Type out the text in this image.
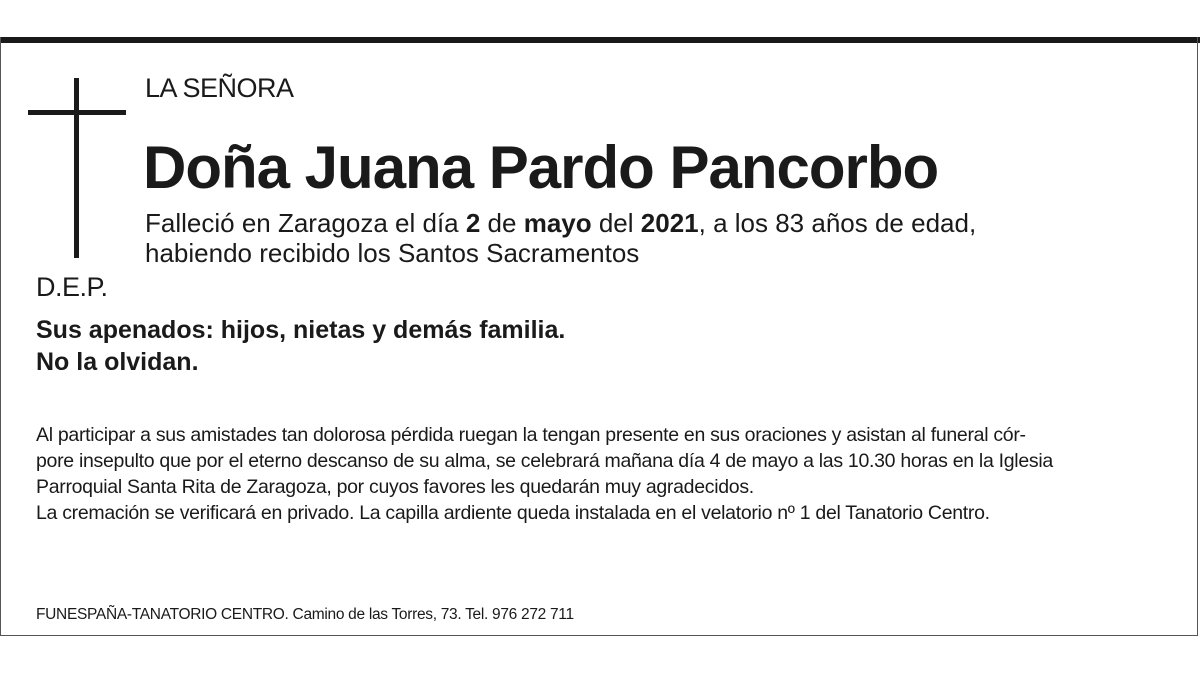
LA SEÑORA
Doña Juana Pardo Pancorbo
Falleció en Zaragoza el día 2 de mayo del 2021, a los 83 años de edad,
habiendo recibido los Santos Sacramentos
D.E.P.
Sus apenados: hijos, nietas y demás familia.
No la olvidan.
Al participar a sus amistades tan dolorosa pérdida ruegan la tengan presente en sus oraciones y asistan al funeral cór-
pore insepulto que por el eterno descanso de su alma, se celebrará mañana día 4 de mayo a las 10.30 horas en la Iglesia
Parroquial Santa Rita de Zaragoza, por cuyos favores les quedarán muy agradecidos.
La cremación se verificará en privado. La capilla ardiente queda instalada en el velatorio nº 1 del Tanatorio Centro.
FUNESPAÑA-TANATORIO CENTRO. Camino de las Torres, 73. Tel. 976 272 711
